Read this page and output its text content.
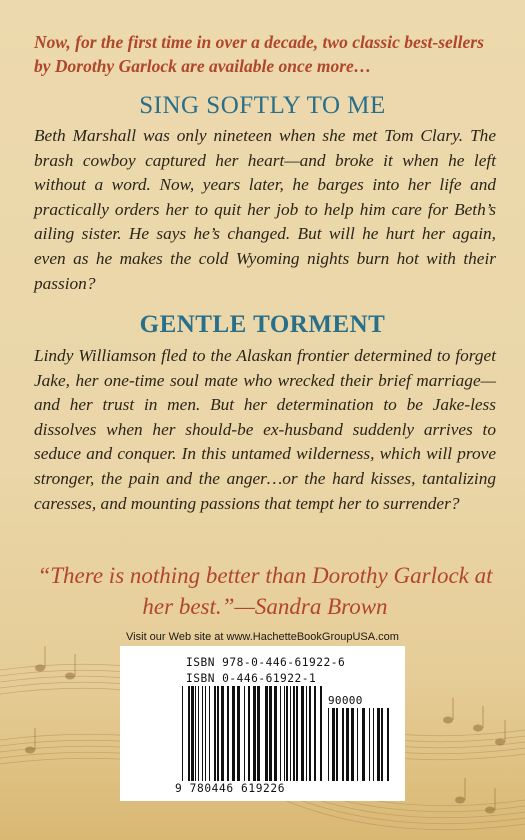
Now, for the first time in over a decade, two classic best-sellers by Dorothy Garlock are available once more…
SING SOFTLY TO ME

Beth Marshall was only nineteen when she met Tom Clary. The brash cowboy captured her heart—and broke it when he left without a word. Now, years later, he barges into her life and practically orders her to quit her job to help him care for Beth’s ailing sister. He says he’s changed. But will he hurt her again, even as he makes the cold Wyoming nights burn hot with their passion?

GENTLE TORMENT

Lindy Williamson fled to the Alaskan frontier determined to forget Jake, her one-time soul mate who wrecked their brief marriage—and her trust in men. But her determination to be Jake-less dissolves when her should-be ex-husband suddenly arrives to seduce and conquer. In this untamed wilderness, which will prove stronger, the pain and the anger…or the hard kisses, tantalizing caresses, and mounting passions that tempt her to surrender?

“There is nothing better than Dorothy Garlock at her best.”—Sandra Brown
Visit our Web site at www.HachetteBookGroupUSA.com
ISBN 978-0-446-61922-6
ISBN 0-446-61922-1
90000
9 780446 619226
